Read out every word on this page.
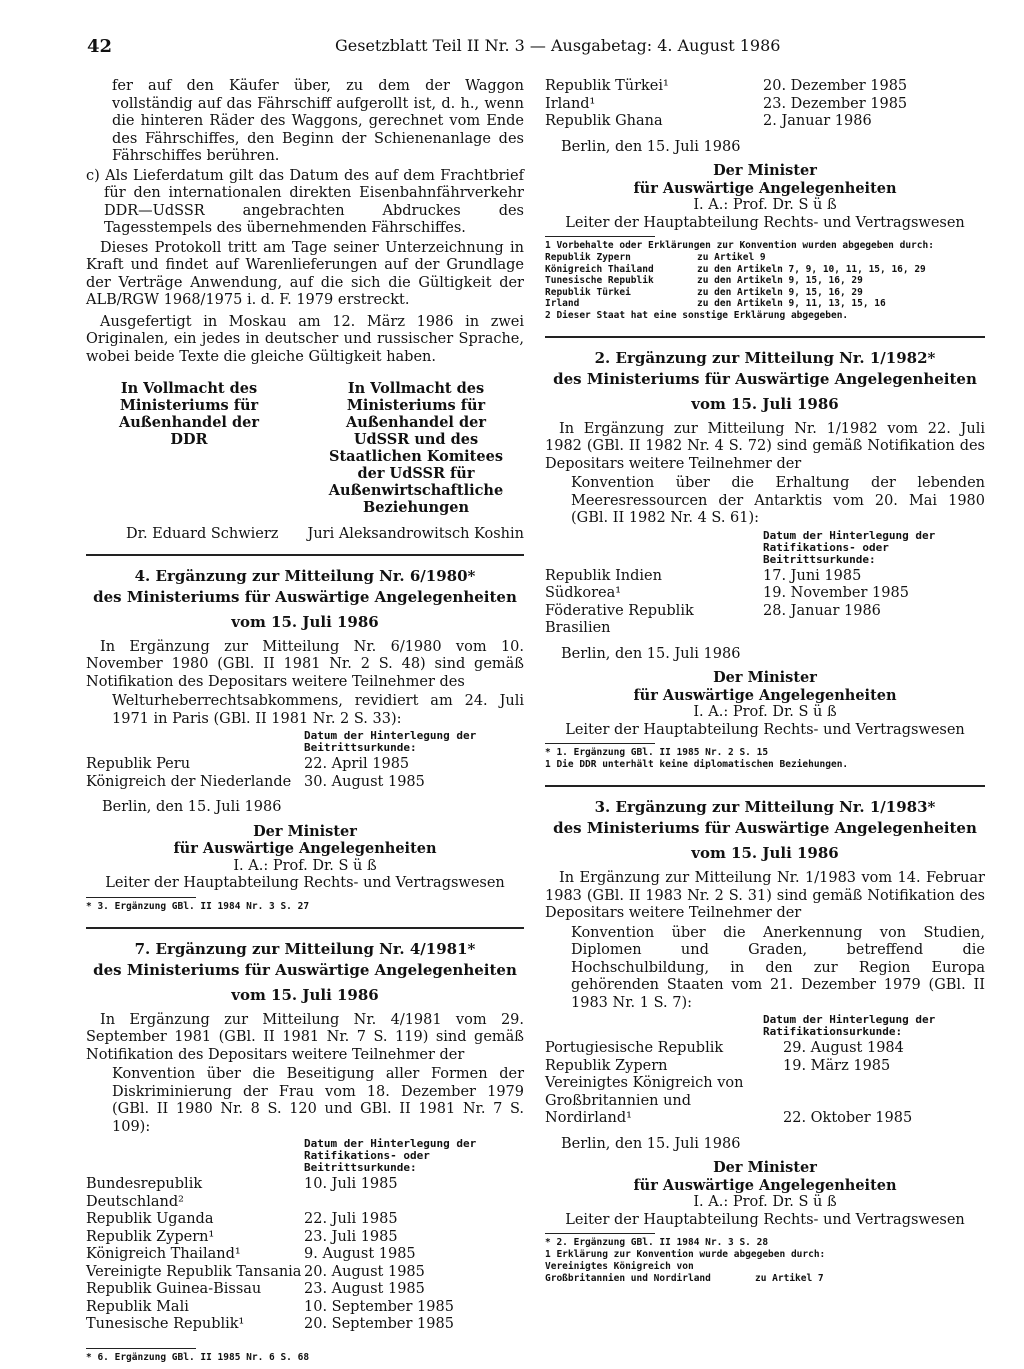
42	Gesetzblatt Teil II Nr. 3 — Ausgabetag: 4. August 1986

fer auf den Käufer über, zu dem der Waggon vollständig auf das Fährschiff aufgerollt ist, d. h., wenn die hinteren Räder des Waggons, gerechnet vom Ende des Fährschiffes, den Beginn der Schienenanlage des Fährschiffes berühren.

c) Als Lieferdatum gilt das Datum des auf dem Frachtbrief für den internationalen direkten Eisenbahnfährverkehr DDR—UdSSR angebrachten Abdruckes des Tagesstempels des übernehmenden Fährschiffes.

Dieses Protokoll tritt am Tage seiner Unterzeichnung in Kraft und findet auf Warenlieferungen auf der Grundlage der Verträge Anwendung, auf die sich die Gültigkeit der ALB/RGW 1968/1975 i. d. F. 1979 erstreckt.

Ausgefertigt in Moskau am 12. März 1986 in zwei Originalen, ein jedes in deutscher und russischer Sprache, wobei beide Texte die gleiche Gültigkeit haben.

In Vollmacht des Ministeriums für Außenhandel der DDR
In Vollmacht des Ministeriums für Außenhandel der UdSSR und des Staatlichen Komitees der UdSSR für Außenwirtschaftliche Beziehungen
Dr. Eduard Schwierz Juri Aleksandrowitsch Koshin
4. Ergänzung zur Mitteilung Nr. 6/1980*
des Ministeriums für Auswärtige Angelegenheiten
vom 15. Juli 1986

In Ergänzung zur Mitteilung Nr. 6/1980 vom 10. November 1980 (GBl. II 1981 Nr. 2 S. 48) sind gemäß Notifikation des Depositars weitere Teilnehmer des

Welturheberrechtsabkommens, revidiert am 24. Juli 1971 in Paris (GBl. II 1981 Nr. 2 S. 33):

Datum der Hinterlegung der Beitrittsurkunde:
Republik Peru	22. April 1985
Königreich der Niederlande	30. August 1985

Berlin, den 15. Juli 1986

Der Minister
für Auswärtige Angelegenheiten
I. A.: Prof. Dr. S ü ß
Leiter der Hauptabteilung Rechts- und Vertragswesen
* 3. Ergänzung GBl. II 1984 Nr. 3 S. 27
7. Ergänzung zur Mitteilung Nr. 4/1981*
des Ministeriums für Auswärtige Angelegenheiten
vom 15. Juli 1986

In Ergänzung zur Mitteilung Nr. 4/1981 vom 29. September 1981 (GBl. II 1981 Nr. 7 S. 119) sind gemäß Notifikation des Depositars weitere Teilnehmer der

Konvention über die Beseitigung aller Formen der Diskriminierung der Frau vom 18. Dezember 1979 (GBl. II 1980 Nr. 8 S. 120 und GBl. II 1981 Nr. 7 S. 109):

Datum der Hinterlegung der Ratifikations- oder Beitrittsurkunde:
Bundesrepublik Deutschland²	10. Juli 1985
Republik Uganda	22. Juli 1985
Republik Zypern¹	23. Juli 1985
Königreich Thailand¹	9. August 1985
Vereinigte Republik Tansania	20. August 1985
Republik Guinea-Bissau	23. August 1985
Republik Mali	10. September 1985
Tunesische Republik¹	20. September 1985
* 6. Ergänzung GBl. II 1985 Nr. 6 S. 68
Republik Türkei¹	20. Dezember 1985
Irland¹	23. Dezember 1985
Republik Ghana	2. Januar 1986

Berlin, den 15. Juli 1986

Der Minister
für Auswärtige Angelegenheiten
I. A.: Prof. Dr. S ü ß
Leiter der Hauptabteilung Rechts- und Vertragswesen
1 Vorbehalte oder Erklärungen zur Konvention wurden abgegeben durch:
Republik Zypern	zu Artikel 9
Königreich Thailand	zu den Artikeln 7, 9, 10, 11, 15, 16, 29
Tunesische Republik	zu den Artikeln 9, 15, 16, 29
Republik Türkei	zu den Artikeln 9, 15, 16, 29
Irland	zu den Artikeln 9, 11, 13, 15, 16
2 Dieser Staat hat eine sonstige Erklärung abgegeben.
2. Ergänzung zur Mitteilung Nr. 1/1982*
des Ministeriums für Auswärtige Angelegenheiten
vom 15. Juli 1986

In Ergänzung zur Mitteilung Nr. 1/1982 vom 22. Juli 1982 (GBl. II 1982 Nr. 4 S. 72) sind gemäß Notifikation des Depositars weitere Teilnehmer der

Konvention über die Erhaltung der lebenden Meeresressourcen der Antarktis vom 20. Mai 1980 (GBl. II 1982 Nr. 4 S. 61):

Datum der Hinterlegung der Ratifikations- oder Beitrittsurkunde:
Republik Indien	17. Juni 1985
Südkorea¹	19. November 1985
Föderative Republik Brasilien	28. Januar 1986

Berlin, den 15. Juli 1986

Der Minister
für Auswärtige Angelegenheiten
I. A.: Prof. Dr. S ü ß
Leiter der Hauptabteilung Rechts- und Vertragswesen
* 1. Ergänzung GBl. II 1985 Nr. 2 S. 15
1 Die DDR unterhält keine diplomatischen Beziehungen.
3. Ergänzung zur Mitteilung Nr. 1/1983*
des Ministeriums für Auswärtige Angelegenheiten
vom 15. Juli 1986

In Ergänzung zur Mitteilung Nr. 1/1983 vom 14. Februar 1983 (GBl. II 1983 Nr. 2 S. 31) sind gemäß Notifikation des Depositars weitere Teilnehmer der

Konvention über die Anerkennung von Studien, Diplomen und Graden, betreffend die Hochschulbildung, in den zur Region Europa gehörenden Staaten vom 21. Dezember 1979 (GBl. II 1983 Nr. 1 S. 7):

Datum der Hinterlegung der Ratifikationsurkunde:
Portugiesische Republik	29. August 1984
Republik Zypern	19. März 1985
Vereinigtes Königreich von Großbritannien und Nordirland¹	22. Oktober 1985

Berlin, den 15. Juli 1986

Der Minister
für Auswärtige Angelegenheiten
I. A.: Prof. Dr. S ü ß
Leiter der Hauptabteilung Rechts- und Vertragswesen
* 2. Ergänzung GBl. II 1984 Nr. 3 S. 28
1 Erklärung zur Konvention wurde abgegeben durch:
Vereinigtes Königreich von Großbritannien und Nordirland	zu Artikel 7
